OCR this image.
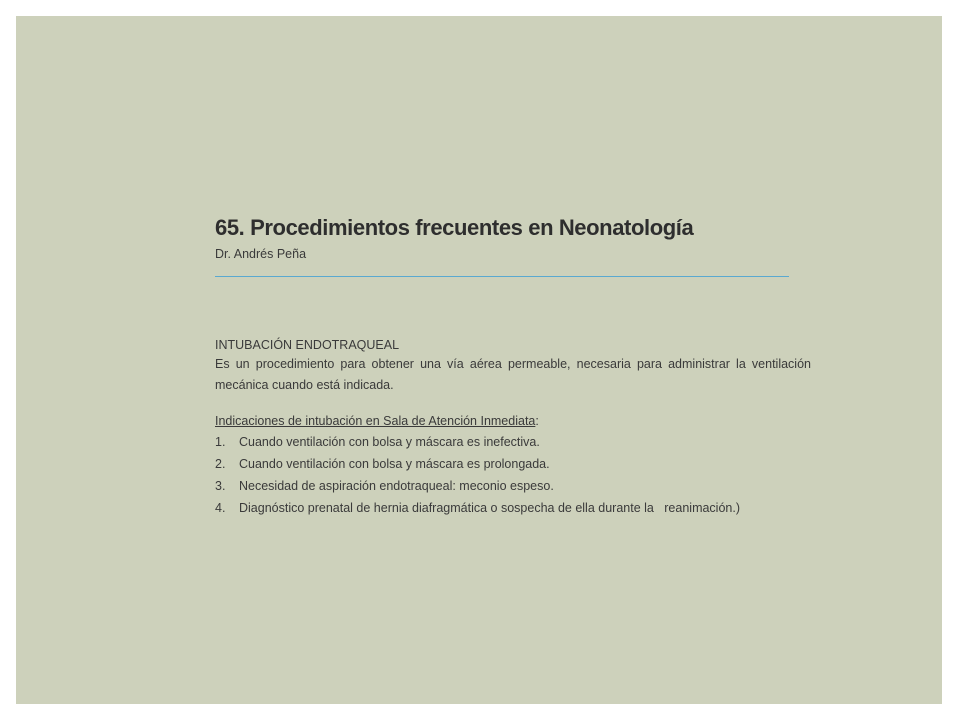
65. Procedimientos frecuentes en Neonatología

Dr. Andrés Peña

INTUBACIÓN ENDOTRAQUEAL

Es un procedimiento para obtener una vía aérea permeable, necesaria para administrar la ventilación mecánica cuando está indicada.

Indicaciones de intubación en Sala de Atención Inmediata:
1.	Cuando ventilación con bolsa y máscara es inefectiva.
2.	Cuando ventilación con bolsa y máscara es prolongada.
3.	Necesidad de aspiración endotraqueal: meconio espeso.
4.	Diagnóstico prenatal de hernia diafragmática o sospecha de ella durante la   reanimación.)
